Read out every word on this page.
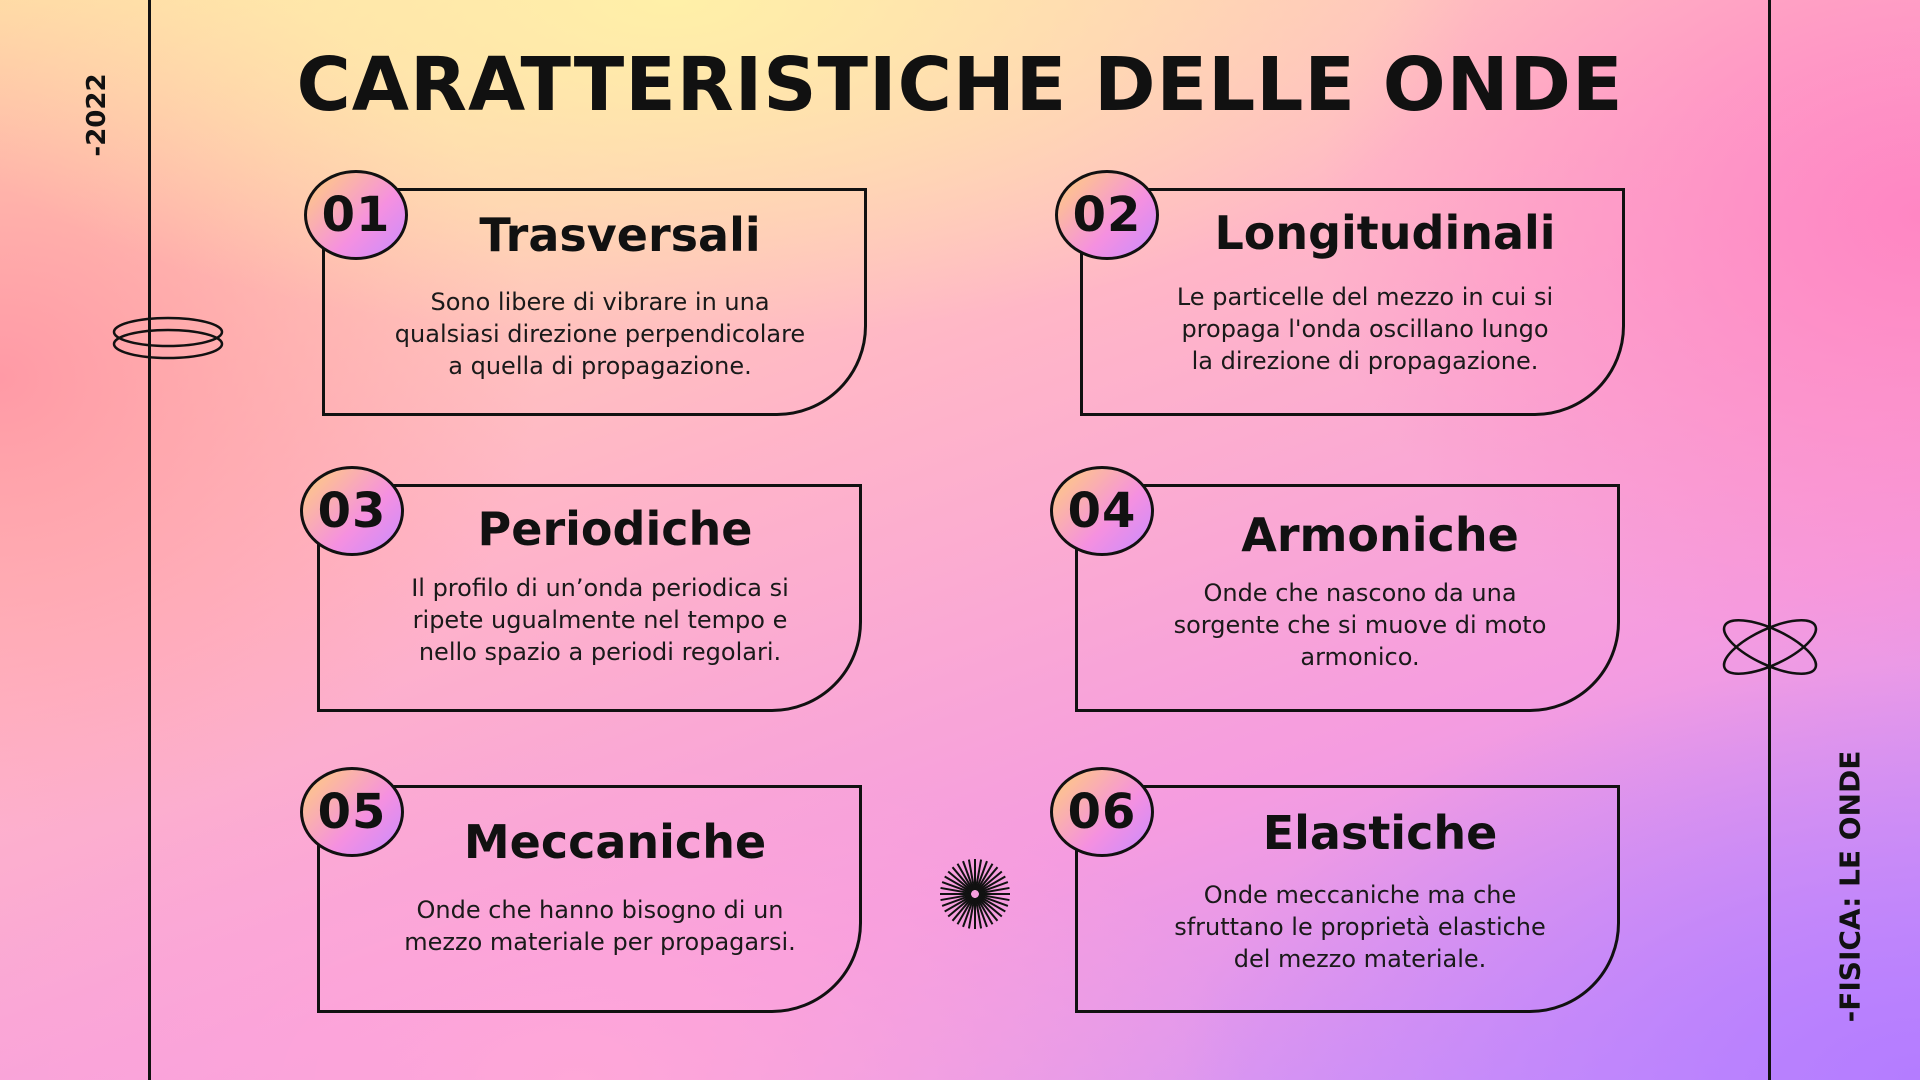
CARATTERISTICHE DELLE ONDE
-2022
-FISICA: LE ONDE
01	Trasversali
Sono libere di vibrare in una
qualsiasi direzione perpendicolare
a quella di propagazione.
02	Longitudinali
Le particelle del mezzo in cui si
propaga l'onda oscillano lungo
la direzione di propagazione.
03	Periodiche
Il profilo di un’onda periodica si
ripete ugualmente nel tempo e
nello spazio a periodi regolari.
04	Armoniche
Onde che nascono da una
sorgente che si muove di moto
armonico.
05
Meccaniche
Onde che hanno bisogno di un
mezzo materiale per propagarsi.
06	Elastiche
Onde meccaniche ma che
sfruttano le proprietà elastiche
del mezzo materiale.
